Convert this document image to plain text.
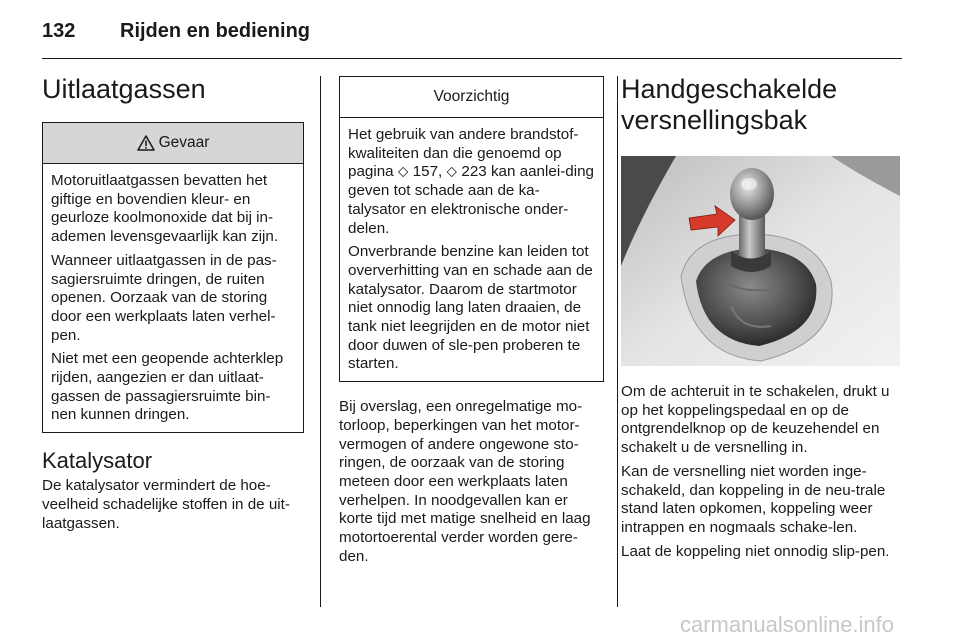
132 Rijden en bediening
Uitlaatgassen
Gevaar

Motoruitlaatgassen bevatten het giftige en bovendien kleur- en geurloze koolmonoxide dat bij in-ademen levensgevaarlijk kan zijn.

Wanneer uitlaatgassen in de pas-sagiersruimte dringen, de ruiten openen. Oorzaak van de storing door een werkplaats laten verhel-pen.

Niet met een geopende achterklep rijden, aangezien er dan uitlaat-gassen de passagiersruimte bin-nen kunnen dringen.

Katalysator

De katalysator vermindert de hoe-veelheid schadelijke stoffen in de uit-laatgassen.

Voorzichtig

Het gebruik van andere brandstof-kwaliteiten dan die genoemd op pagina ⬦ 157, ⬦ 223 kan aanlei-ding geven tot schade aan de ka-talysator en elektronische onder-delen.

Onverbrande benzine kan leiden tot oververhitting van en schade aan de katalysator. Daarom de startmotor niet onnodig lang laten draaien, de tank niet leegrijden en de motor niet door duwen of sle-pen proberen te starten.

Bij overslag, een onregelmatige mo-torloop, beperkingen van het motor-vermogen of andere ongewone sto-ringen, de oorzaak van de storing meteen door een werkplaats laten verhelpen. In noodgevallen kan er korte tijd met matige snelheid en laag motortoerental verder worden gere-den.

Handgeschakelde versnellingsbak

Om de achteruit in te schakelen, drukt u op het koppelingspedaal en op de ontgrendelknop op de keuzehendel en schakelt u de versnelling in.

Kan de versnelling niet worden inge-schakeld, dan koppeling in de neu-trale stand laten opkomen, koppeling weer intrappen en nogmaals schake-len.

Laat de koppeling niet onnodig slip-pen.

carmanualsonline.info
